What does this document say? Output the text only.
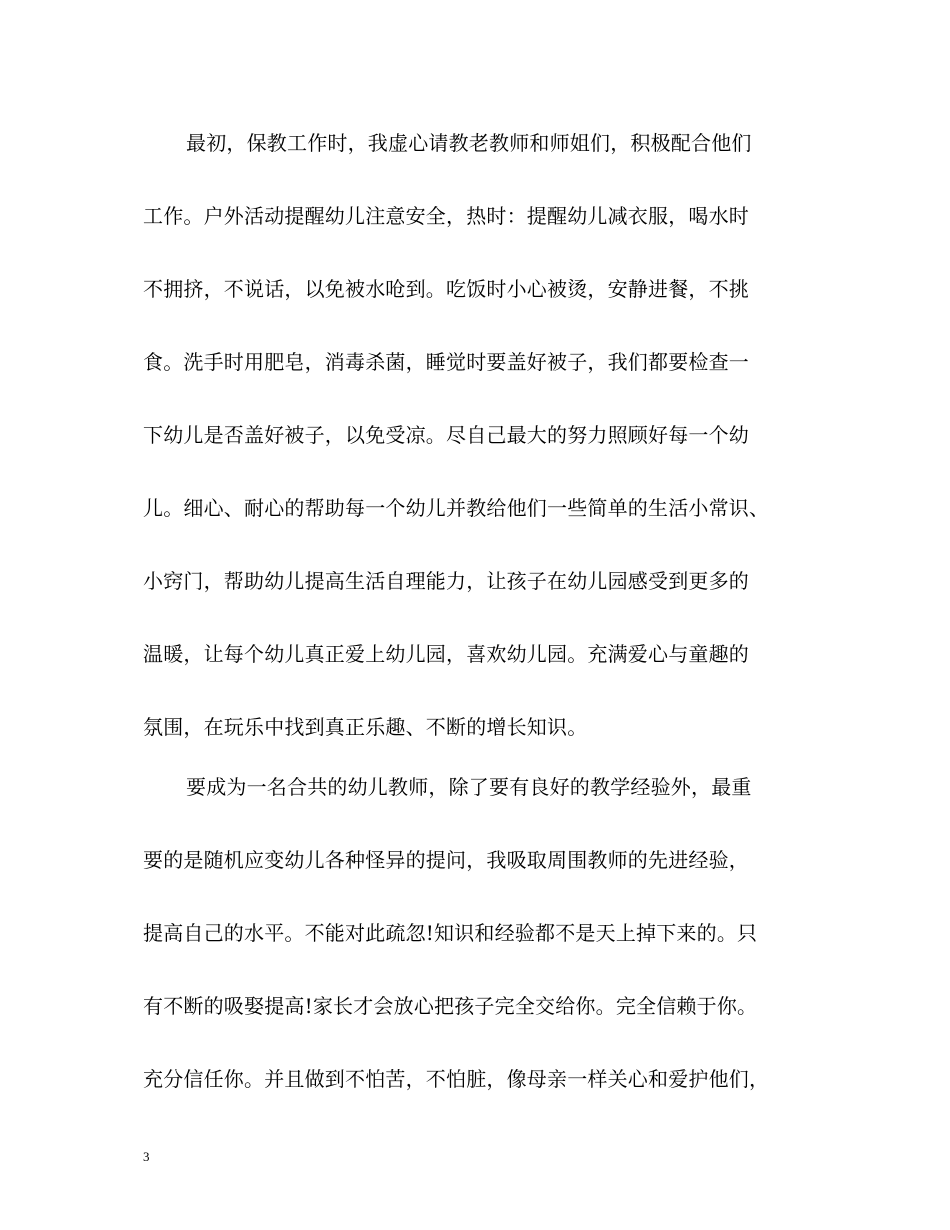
最初，保教工作时，我虚心请教老教师和师姐们，积极配合他们
工作。户外活动提醒幼儿注意安全，热时：提醒幼儿减衣服，喝水时
不拥挤，不说话，以免被水呛到。吃饭时小心被烫，安静进餐，不挑
食。洗手时用肥皂，消毒杀菌，睡觉时要盖好被子，我们都要检查一
下幼儿是否盖好被子，以免受凉。尽自己最大的努力照顾好每一个幼
儿。细心、耐心的帮助每一个幼儿并教给他们一些简单的生活小常识、
小窍门，帮助幼儿提高生活自理能力，让孩子在幼儿园感受到更多的
温暖，让每个幼儿真正爱上幼儿园，喜欢幼儿园。充满爱心与童趣的
氛围，在玩乐中找到真正乐趣、不断的增长知识。
要成为一名合共的幼儿教师，除了要有良好的教学经验外，最重
要的是随机应变幼儿各种怪异的提问，我吸取周围教师的先进经验，
提高自己的水平。不能对此疏忽!知识和经验都不是天上掉下来的。只
有不断的吸娶提高!家长才会放心把孩子完全交给你。完全信赖于你。
充分信任你。并且做到不怕苦，不怕脏，像母亲一样关心和爱护他们，
3
